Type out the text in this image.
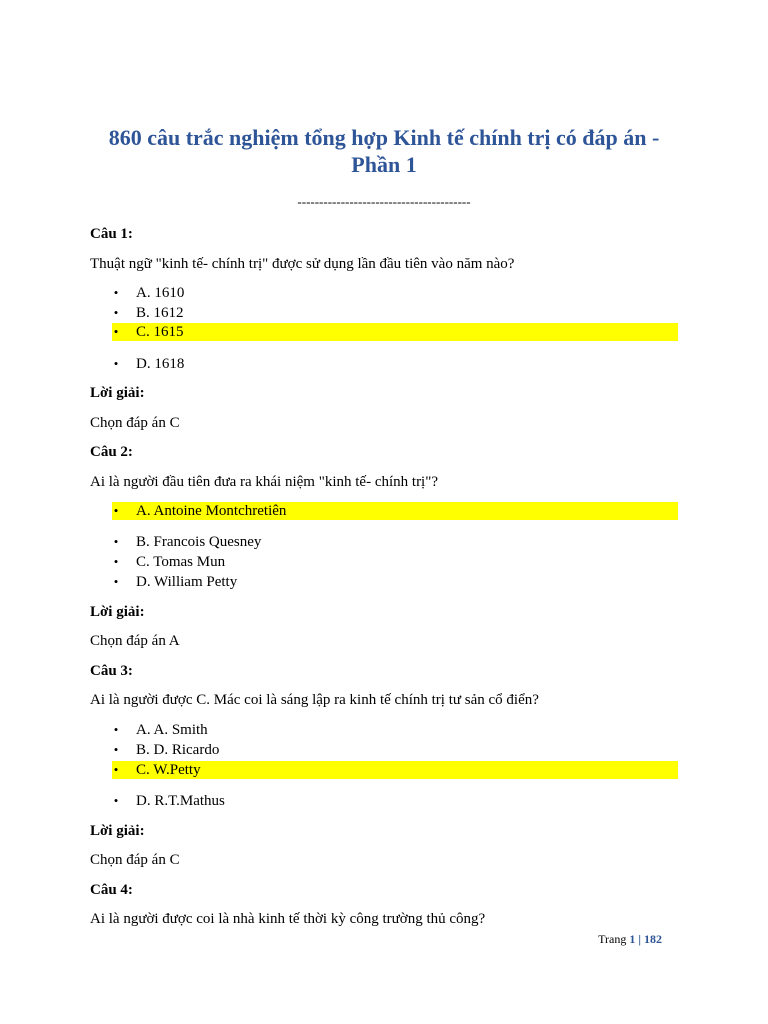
860 câu trắc nghiệm tổng hợp Kinh tế chính trị có đáp án -
Phần 1
----------------------------------------
Câu 1:
Thuật ngữ "kinh tế- chính trị" được sử dụng lần đầu tiên vào năm nào?
• A. 1610
• B. 1612
• C. 1615
• D. 1618
Lời giải:
Chọn đáp án C
Câu 2:
Ai là người đầu tiên đưa ra khái niệm "kinh tế- chính trị"?
• A. Antoine Montchretiên
• B. Francois Quesney
• C. Tomas Mun
• D. William Petty
Lời giải:
Chọn đáp án A
Câu 3:
Ai là người được C. Mác coi là sáng lập ra kinh tế chính trị tư sản cổ điển?
• A. A. Smith
• B. D. Ricardo
• C. W.Petty
• D. R.T.Mathus
Lời giải:
Chọn đáp án C
Câu 4:
Ai là người được coi là nhà kinh tế thời kỳ công trường thủ công?
Trang 1 | 182
